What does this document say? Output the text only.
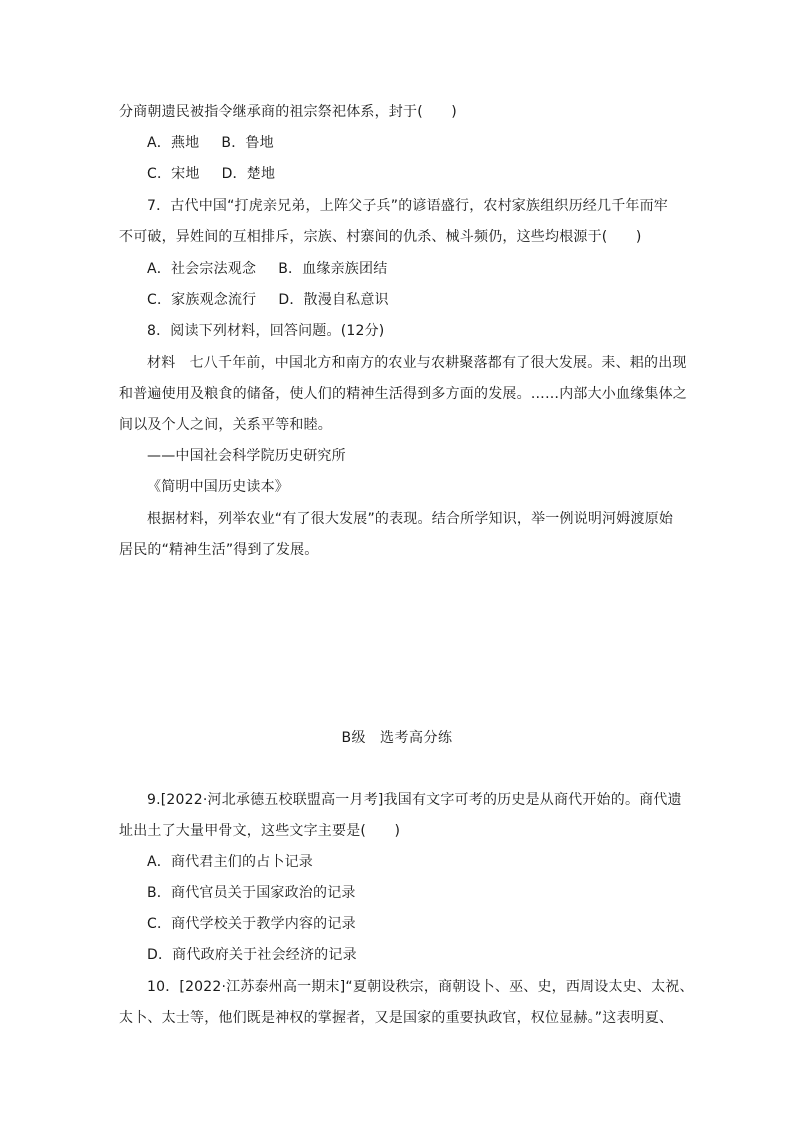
分商朝遗民被指令继承商的祖宗祭祀体系，封于(　　)
A．燕地 B．鲁地
C．宋地 D．楚地
7．古代中国“打虎亲兄弟，上阵父子兵”的谚语盛行，农村家族组织历经几千年而牢
不可破，异姓间的互相排斥，宗族、村寨间的仇杀、械斗频仍，这些均根源于(　　)
A．社会宗法观念 B．血缘亲族团结
C．家族观念流行 D．散漫自私意识
8．阅读下列材料，回答问题。(12分)
材料　七八千年前，中国北方和南方的农业与农耕聚落都有了很大发展。耒、耜的出现
和普遍使用及粮食的储备，使人们的精神生活得到多方面的发展。……内部大小血缘集体之
间以及个人之间，关系平等和睦。
——中国社会科学院历史研究所
《简明中国历史读本》
根据材料，列举农业“有了很大发展”的表现。结合所学知识，举一例说明河姆渡原始
居民的“精神生活”得到了发展。
B级 选考高分练
9.[2022·河北承德五校联盟高一月考]我国有文字可考的历史是从商代开始的。商代遗
址出土了大量甲骨文，这些文字主要是(　　)
A．商代君主们的占卜记录
B．商代官员关于国家政治的记录
C．商代学校关于教学内容的记录
D．商代政府关于社会经济的记录
10．[2022·江苏泰州高一期末]“夏朝设秩宗，商朝设卜、巫、史，西周设太史、太祝、
太卜、太士等，他们既是神权的掌握者，又是国家的重要执政官，权位显赫。”这表明夏、
